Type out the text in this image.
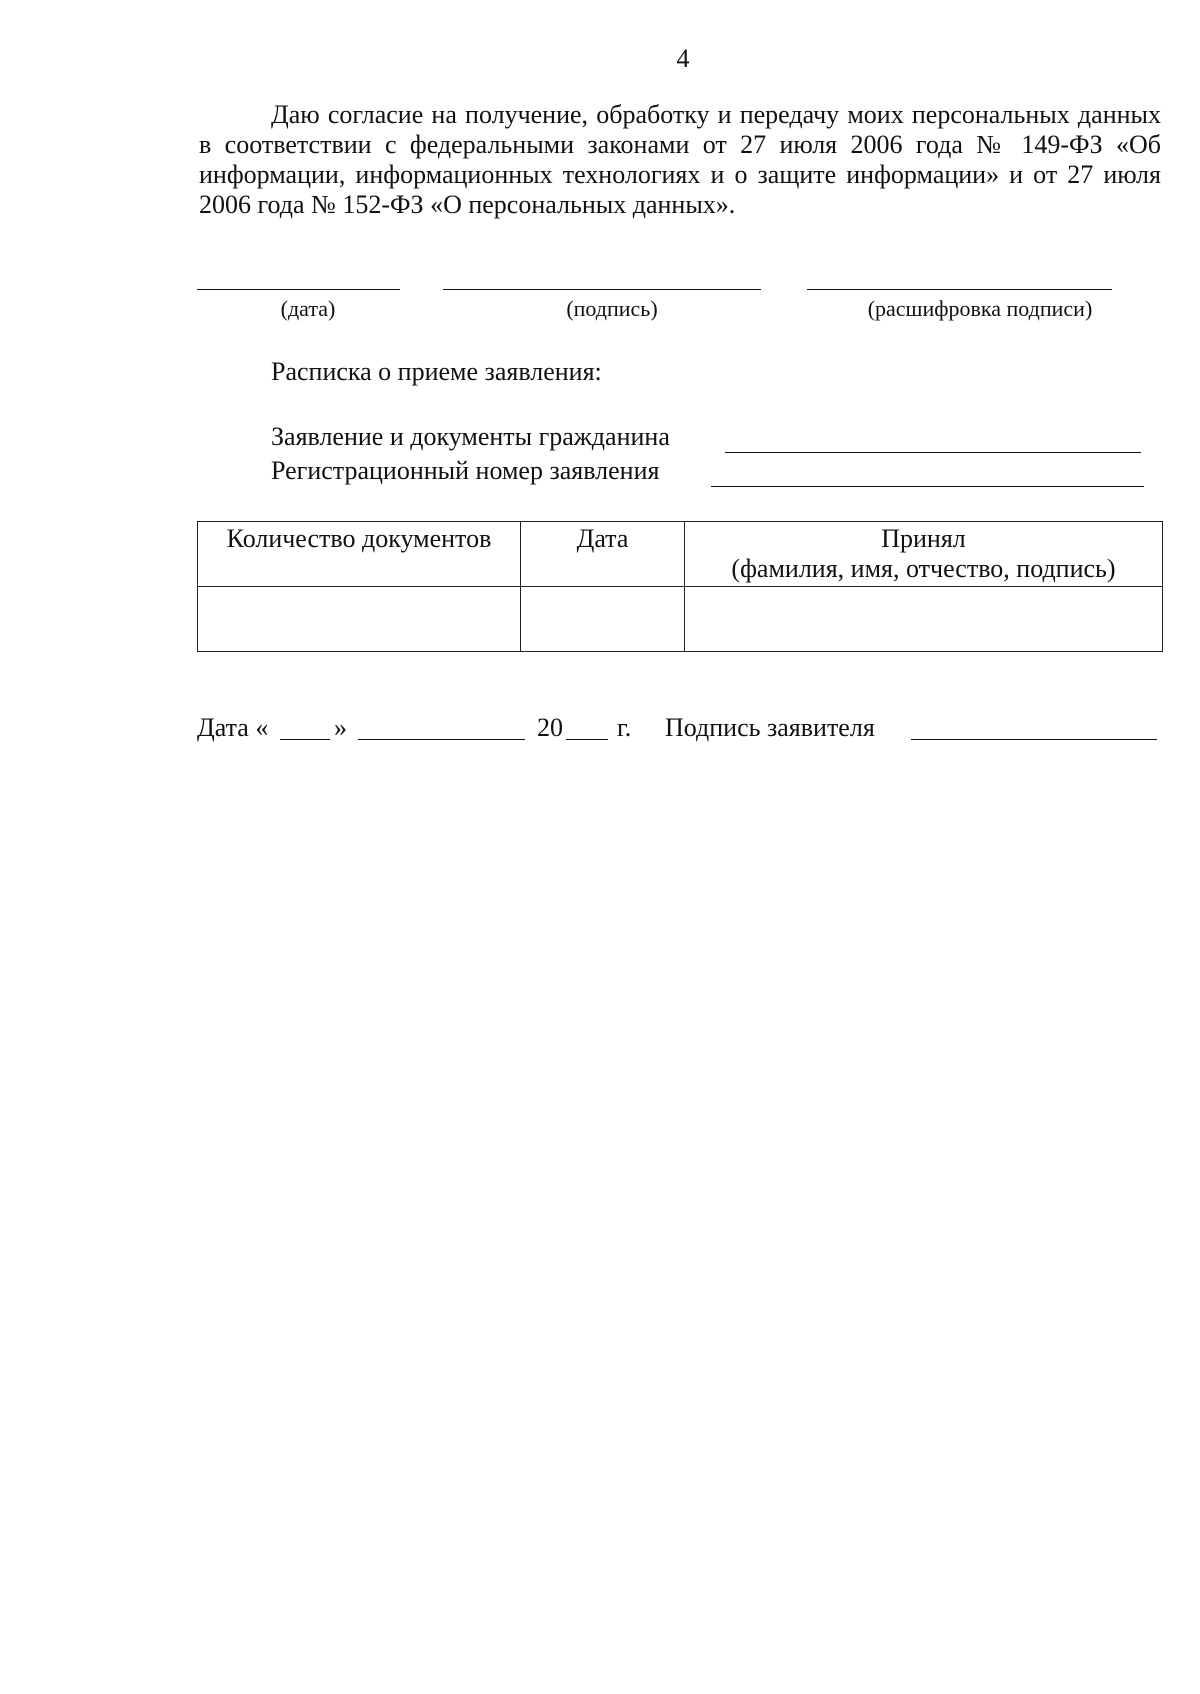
4

Даю согласие на получение, обработку и передачу моих персональных данных в соответствии с федеральными законами от 27 июля 2006 года № 149-ФЗ «Об информации, информационных технологиях и о защите информации» и от 27 июля 2006 года № 152-ФЗ «О персональных данных».

(дата)	(подпись)	(расшифровка подписи)
Расписка о приеме заявления:
Заявление и документы гражданина
Регистрационный номер заявления
Количество документов	Дата	Принял
(фамилия, имя, отчество, подпись)

Дата «	»	20 г. Подпись заявителя
